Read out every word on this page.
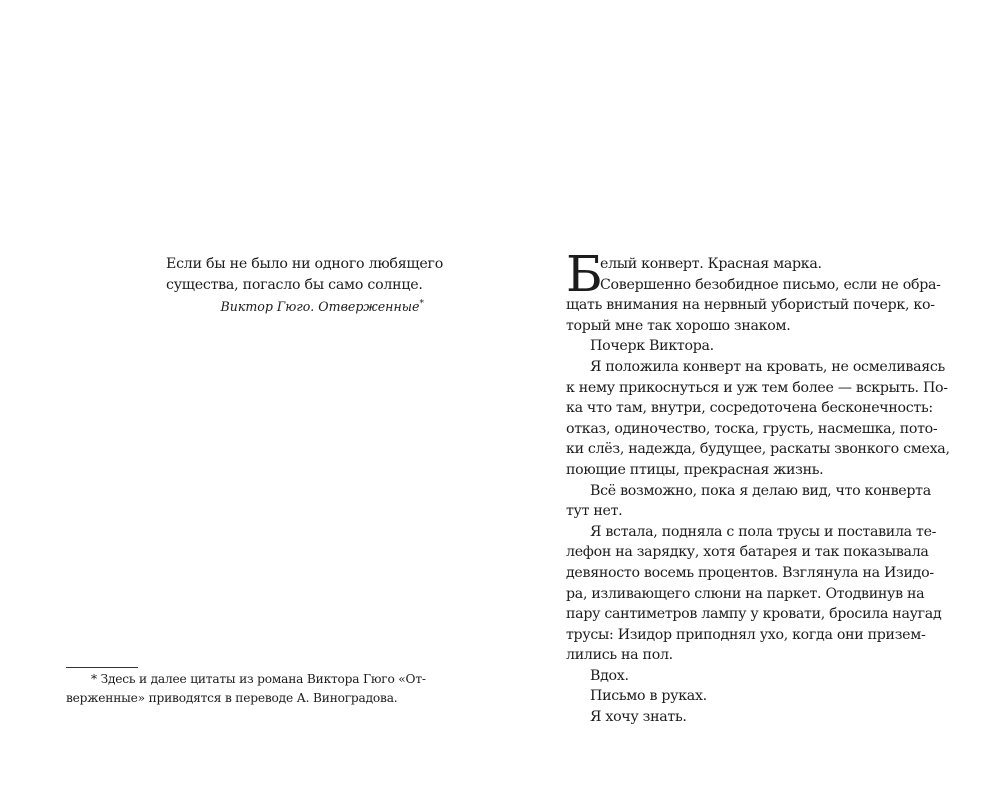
Если бы не было ни одного любящего
существа, погасло бы само солнце.
Виктор Гюго. Отверженные*
* Здесь и далее цитаты из романа Виктора Гюго «От-
верженные» приводятся в переводе А. Виноградова.
Б
елый конверт. Красная марка.
Совершенно безобидное письмо, если не обра-
щать внимания на нервный убористый почерк, ко-
торый мне так хорошо знаком.
Почерк Виктора.
Я положила конверт на кровать, не осмеливаясь
к нему прикоснуться и уж тем более — вскрыть. По-
ка что там, внутри, сосредоточена бесконечность:
отказ, одиночество, тоска, грусть, насмешка, пото-
ки слёз, надежда, будущее, раскаты звонкого смеха,
поющие птицы, прекрасная жизнь.
Всё возможно, пока я делаю вид, что конверта
тут нет.
Я встала, подняла с пола трусы и поставила те-
лефон на зарядку, хотя батарея и так показывала
девяносто восемь процентов. Взглянула на Изидо-
ра, изливающего слюни на паркет. Отодвинув на
пару сантиметров лампу у кровати, бросила наугад
трусы: Изидор приподнял ухо, когда они призем-
лились на пол.
Вдох.
Письмо в руках.
Я хочу знать.
